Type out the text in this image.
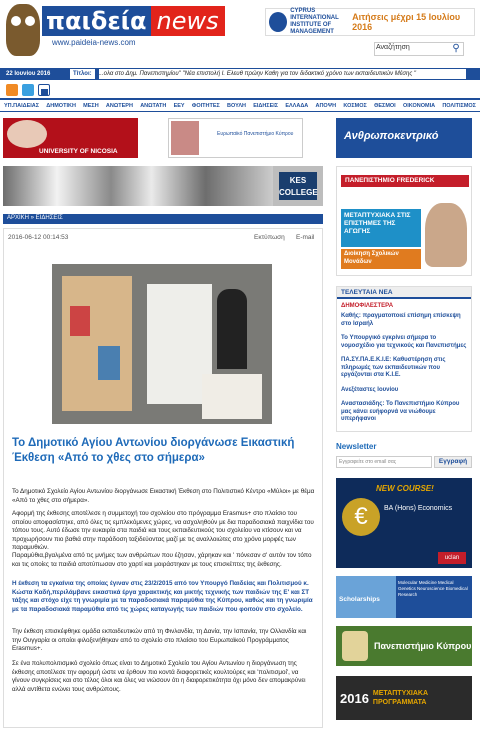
παιδεία news
www.paideia-news.com
CYPRUS INTERNATIONAL INSTITUTE OF MANAGEMENT
Αιτήσεις μέχρι 15 Ιουλίου 2016
Αναζήτηση	⚲
22 Ιουνίου 2016	Τίτλοι:	...ολα στο Δημ. Πανεπιστημίου" "Νέα επιστολή Ι. Ελευθ πρώην Καθη για τον διδακτικό χρόνο των εκπαιδευτικών Μέσης "
ΥΠ.ΠΑΙΔΕΙΑΣ ΔΗΜΟΤΙΚΗ ΜΕΣΗ ΑΝΩΤΕΡΗ ΑΝΩΤΑΤΗ ΕΕΥ ΦΟΙΤΗΤΕΣ ΒΟΥΛΗ ΕΙΔΗΣΕΙΣ ΕΛΛΑΔΑ ΑΠΟΨΗ ΚΟΣΜΟΣ ΘΕΣΜΟΙ ΟΙΚΟΝΟΜΙΑ ΠΟΛΙΤΙΣΜΟΣ
UNIVERSITY OF NICOSIA
Ευρωπαϊκό Πανεπιστήμιο Κύπρου
KES COLLEGE
Ανθρωποκεντρικό
ΑΡΧΙΚΗ » ΕΙΔΗΣΕΙΣ
2016-06-12 00:14:53	Εκτύπωση E-mail
Το Δημοτικό Αγίου Αντωνίου διοργάνωσε Εικαστική Έκθεση «Από το χθες στο σήμερα»
Το Δημοτικό Σχολείο Αγίου Αντωνίου διοργάνωσε Εικαστική Έκθεση στο Πολιτιστικό Κέντρο «Μύλοι» με θέμα «Από το χθες στο σήμερα».
Αφορμή της έκθεσης αποτέλεσε η συμμετοχή του σχολείου στο πρόγραμμα Erasmus+ στο πλαίσιο του οποίου αποφασίστηκε, από όλες τις εμπλεκόμενες χώρες, να ασχοληθούν με δια παραδοσιακά παιχνίδια του τόπου τους. Αυτό έδωσε την ευκαιρία στα παιδιά και τους εκπαιδευτικούς του σχολείου να κτίσουν και να προχωρήσουν πιο βαθιά στην παράδοση ταξιδεύοντας μαζί με τις αναλλοιώτες στο χρόνο μορφές των παραμυθιών.
Παραμύθια,βγαλμένα από τις μνήμες των ανθρώπων που έζησαν, χάρηκαν και ' πόνεσαν σ' αυτόν τον τόπο και τις οποίες τα παιδιά αποτύπωσαν στο χαρτί και μοιράστηκαν με τους επισκέπτες της έκθεσης.
Η έκθεση τα εγκαίνια της οποίας έγιναν στις 23/2/2015 από τον Υπουργό Παιδείας και Πολιτισμού κ. Κώστα Καδή,περιλάμβανε εικαστικά έργα χαρακτικής και μικτής τεχνικής των παιδιών της Ε' και ΣΤ τάξης και στόχο είχε τη γνωριμία με τα παραδοσιακά παραμύθια της Κύπρου, καθώς και τη γνωριμία με τα παραδοσιακά παραμύθια από τις χώρες καταγωγής των παιδιών που φοιτούν στο σχολείο.
Την έκθεση επισκέφθηκε ομάδα εκπαιδευτικών από τη Φινλανδία, τη Δανία, την Ισπανία, την Ολλανδία και την Ουγγαρία οι οποίοι φιλοξενήθηκαν από το σχολείο στο πλαίσιο του Ευρωπαϊκού Προγράμματος Erasmus+.
Σε ένα πολυπολιτισμικό σχολείο όπως είναι το Δημοτικό Σχολείο του Αγίου Αντωνίου η διοργάνωση της έκθεσης αποτέλεσε την αφορμή ώστε να έρθουν πιο κοντά διαφορετικές κουλτούρες και 'πολιτισμοί', να γίνουν συγκρίσεις και στο τέλος όλοι και όλες να νιώσουν ότι η διαφορετικότητα όχι μόνο δεν απομακρύνει αλλά αντίθετα ενώνει τους ανθρώπους.
ΠΑΝΕΠΙΣΤΗΜΙΟ FREDERICK
ΜΕΤΑΠΤΥΧΙΑΚΑ ΣΤΙΣ ΕΠΙΣΤΗΜΕΣ ΤΗΣ ΑΓΩΓΗΣ
Διοίκηση Σχολικών Μονάδων
ΤΕΛΕΥΤΑΙΑ ΝΕΑ
ΔΗΜΟΦΙΛΕΣΤΕΡΑ
Καθής: πραγματοποιεί επίσημη επίσκεψη στο Ισραήλ
Το Υπουργικό εγκρίνει σήμερα το νομοσχέδιο για τεχνικούς και Πανεπιστήμες
ΠΑ.ΣΥ.ΠΑ.Ε.Κ.Ι.Ε: Καθυστέρηση στις πληρωμές των εκπαιδευτικών που εργάζονται στα Κ.Ι.Ε.
Ανεξέταστες Ιουνίου
Αναστασιάδης: Το Πανεπιστήμιο Κύπρου μας κάνει ευήφορνά να νιώθουμε υπερήφανοι
Newsletter
Εγγραφείτε στο email σας	Εγγραφή
NEW COURSE!
€	BA (Hons) Economics
uclan
Scholarships
Molecular Medicine Medical Genetics Neuroscience Biomedical Research
Πανεπιστήμιο Κύπρου
2016 ΜΕΤΑΠΤΥΧΙΑΚΑ ΠΡΟΓΡΑΜΜΑΤΑ
